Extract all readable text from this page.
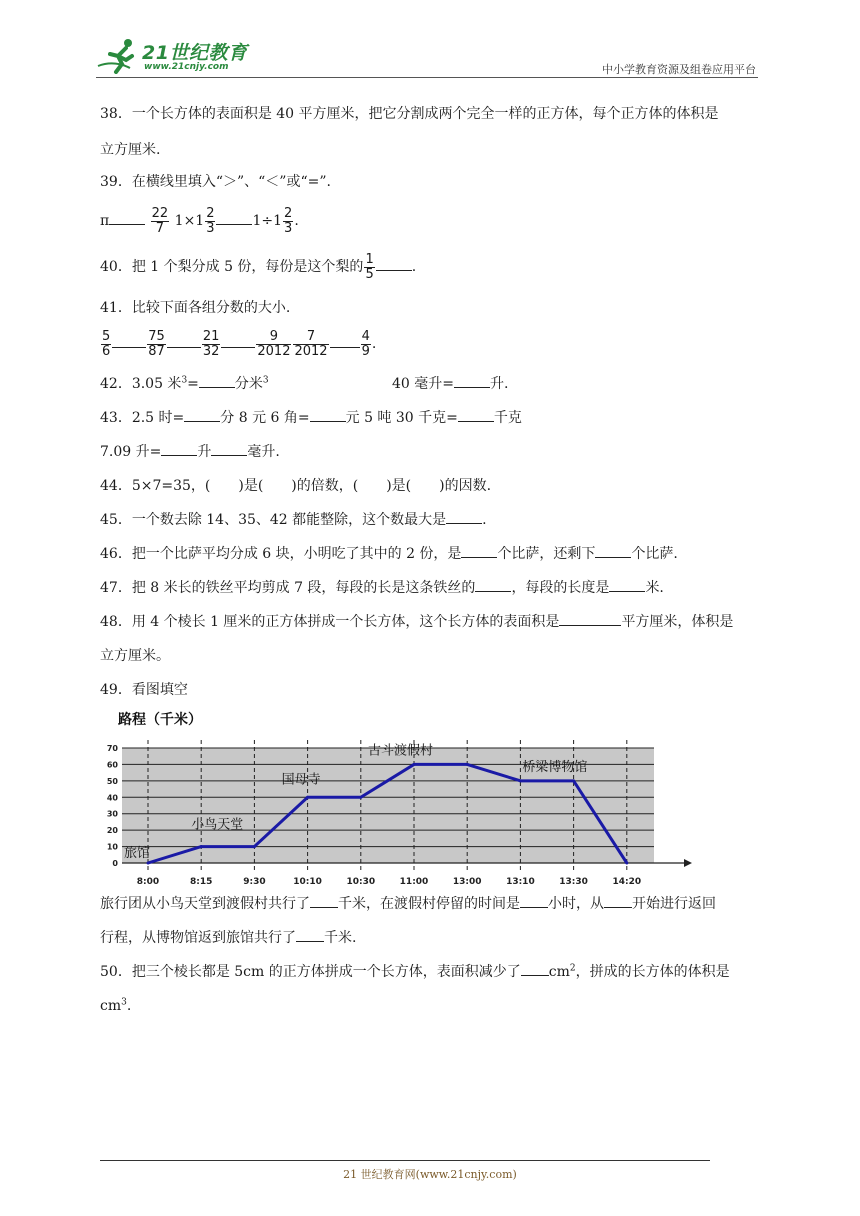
21世纪教育
www.21cnjy.com	中小学教育资源及组卷应用平台
38．一个长方体的表面积是 40 平方厘米，把它分割成两个完全一样的正方体，每个正方体的体积是
立方厘米.
39．在横线里填入“＞”、“＜”或“=”.
π	$\frac{22}{7} 1\times 1 \frac{2}{3}$	$1\div 1 \frac{2}{3}$ .
40．把 1 个梨分成 5 份，每份是这个梨的 $\frac{1}{5}$	.
41．比较下面各组分数的大小.
$\frac{5}{6}$	$\frac{75}{87}$	$\frac{21}{32}$	$\frac{9}{2012} \frac{7}{2012} \frac{4}{9}$ .
42．3.05 米$^3$=	分米$^3$	40 毫升=	升.
43．2.5 时=	分 8 元 6 角=	元 5 吨 30 千克=	千克
7.09 升=	升	毫升.
44．5×7=35，(　　)是(　　)的倍数，(　　)是(　　)的因数.
45．一个数去除 14、35、42 都能整除，这个数最大是	.
46．把一个比萨平均分成 6 块，小明吃了其中的 2 份，是	个比萨，还剩下	个比萨.
47．把 8 米长的铁丝平均剪成 7 段，每段的长是这条铁丝的	，每段的长度是	米.
48．用 4 个棱长 1 厘米的正方体拼成一个长方体，这个长方体的表面积是	平方厘米，体积是
立方厘米。
49．看图填空
0
10
20
30
40
50
60
70
路程（千米）
8:00	8:15	9:30	10:10	10:30	11:00	13:00	13:10	13:30	14:20
旅馆
小鸟天堂
国母寺
古斗渡假村
桥梁博物馆
旅行团从小鸟天堂到渡假村共行了 千米，在渡假村停留的时间是 小时，从 开始进行返回
行程，从博物馆返到旅馆共行了 千米.
50．把三个棱长都是 5cm 的正方体拼成一个长方体，表面积减少了 $cm^2$，拼成的长方体的体积是
$cm^3$.
21 世纪教育网(www.21cnjy.com)
